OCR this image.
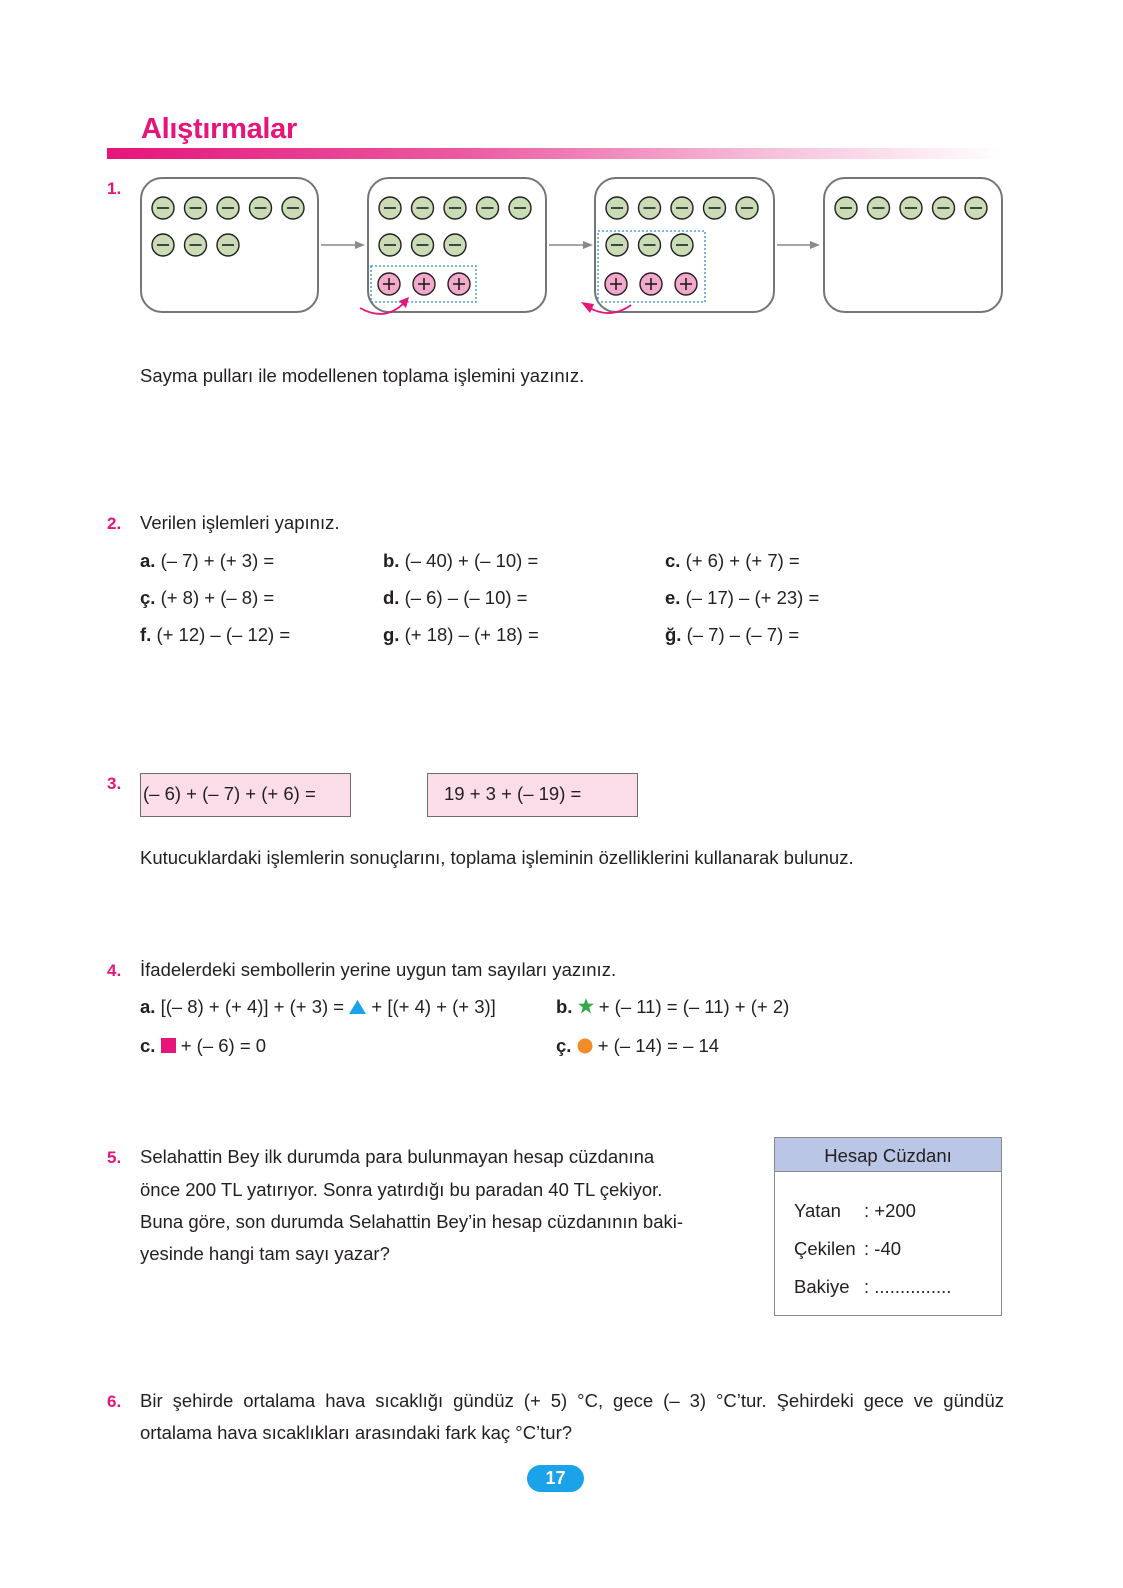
Alıştırmalar
1.
Sayma pulları ile modellenen toplama işlemini yazınız.
2. Verilen işlemleri yapınız.
a. (– 7) + (+ 3) =	b. (– 40) + (– 10) =	c. (+ 6) + (+ 7) =
ç. (+ 8) + (– 8) =	d. (– 6) – (– 10) =	e. (– 17) – (+ 23) =
f. (+ 12) – (– 12) =	g. (+ 18) – (+ 18) =	ğ. (– 7) – (– 7) =
3. (– 6) + (– 7) + (+ 6) =	19 + 3 + (– 19) =
Kutucuklardaki işlemlerin sonuçlarını, toplama işleminin özelliklerini kullanarak bulunuz.
4. İfadelerdeki sembollerin yerine uygun tam sayıları yazınız.
a. [(– 8) + (+ 4)] + (+ 3) = + [(+ 4) + (+ 3)]	b. + (– 11) = (– 11) + (+ 2)
c. + (– 6) = 0	ç. + (– 14) = – 14
5. Selahattin Bey ilk durumda para bulunmayan hesap cüzdanına
önce 200 TL yatırıyor. Sonra yatırdığı bu paradan 40 TL çekiyor.
Buna göre, son durumda Selahattin Bey’in hesap cüzdanının baki-
yesinde hangi tam sayı yazar?
Hesap Cüzdanı
Yatan : +200
Çekilen : -40
Bakiye : ...............
6. Bir şehirde ortalama hava sıcaklığı gündüz (+ 5) °C, gece (– 3) °C’tur. Şehirdeki gece ve gündüz
ortalama hava sıcaklıkları arasındaki fark kaç °C’tur?
17
